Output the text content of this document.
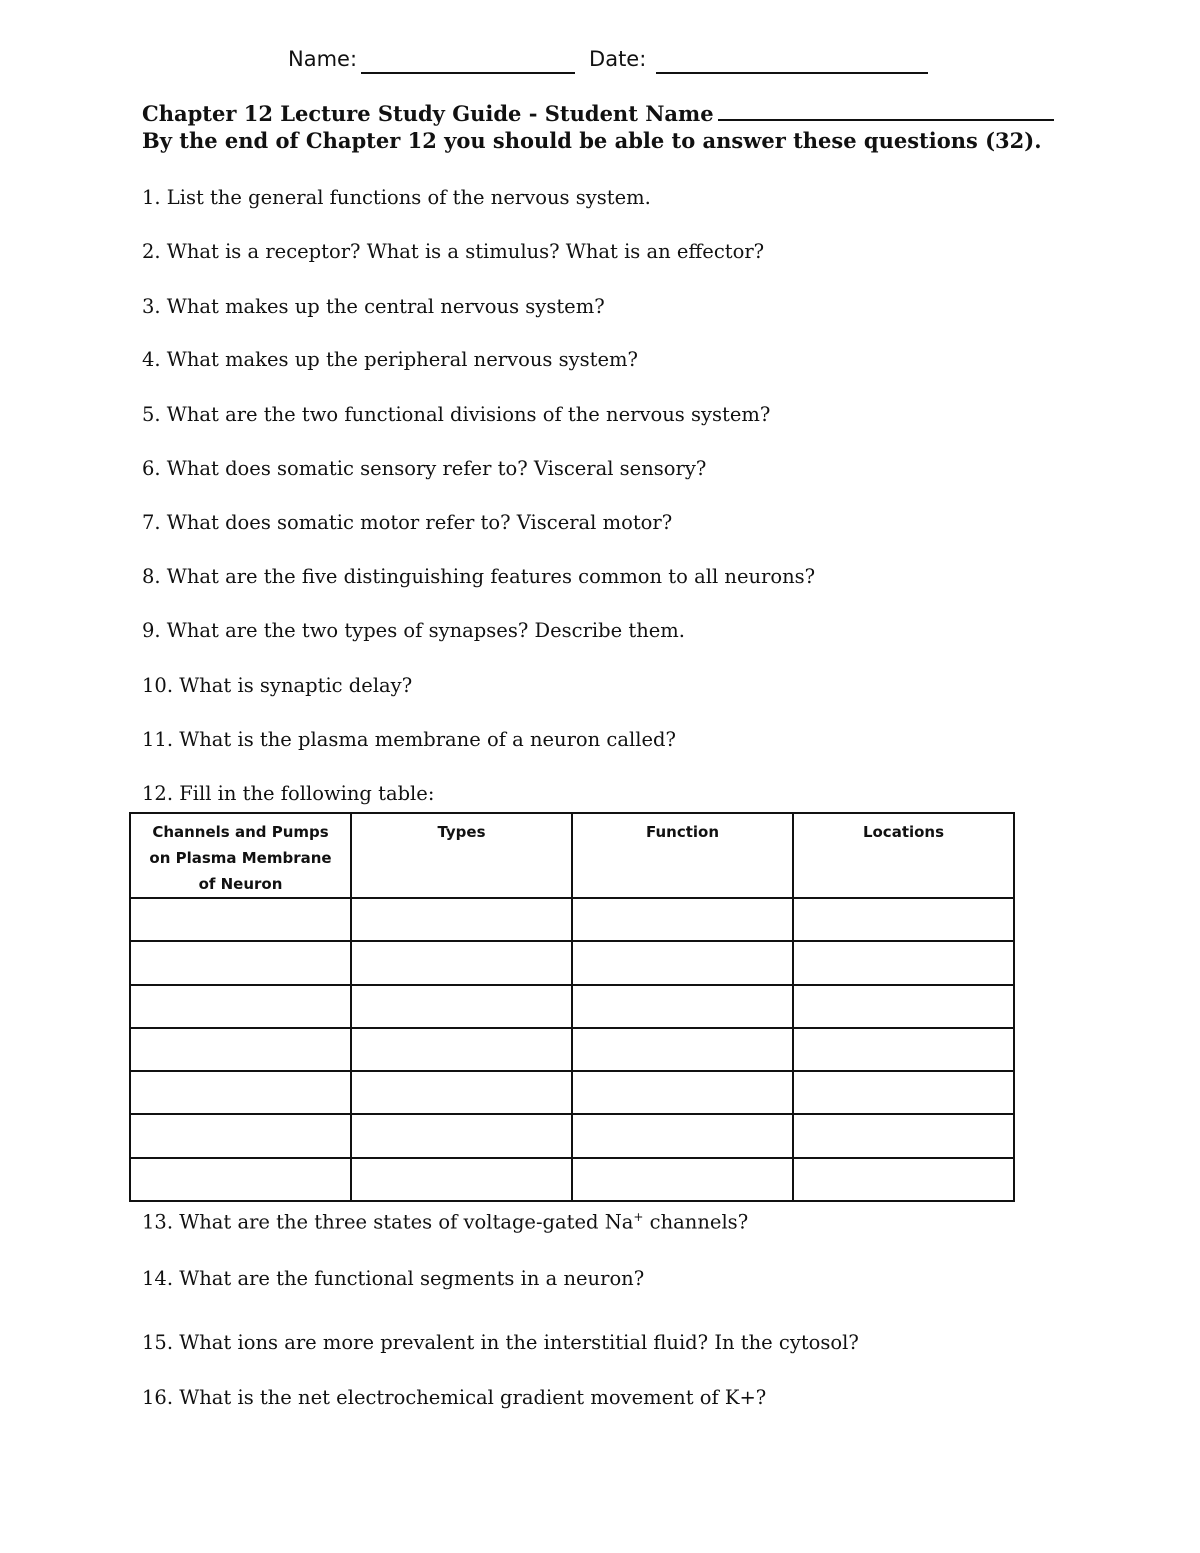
Name:	Date:
Chapter 12 Lecture Study Guide - Student Name
By the end of Chapter 12 you should be able to answer these questions (32).
1. List the general functions of the nervous system.
2. What is a receptor? What is a stimulus? What is an effector?
3. What makes up the central nervous system?
4. What makes up the peripheral nervous system?
5. What are the two functional divisions of the nervous system?
6. What does somatic sensory refer to? Visceral sensory?
7. What does somatic motor refer to? Visceral motor?
8. What are the five distinguishing features common to all neurons?
9. What are the two types of synapses? Describe them.
10. What is synaptic delay?
11. What is the plasma membrane of a neuron called?
12. Fill in the following table:
Channels and Pumps on Plasma Membrane of Neuron	Types	Function	Locations

13. What are the three states of voltage-gated Na+ channels?
14. What are the functional segments in a neuron?
15. What ions are more prevalent in the interstitial fluid? In the cytosol?
16. What is the net electrochemical gradient movement of K+?
